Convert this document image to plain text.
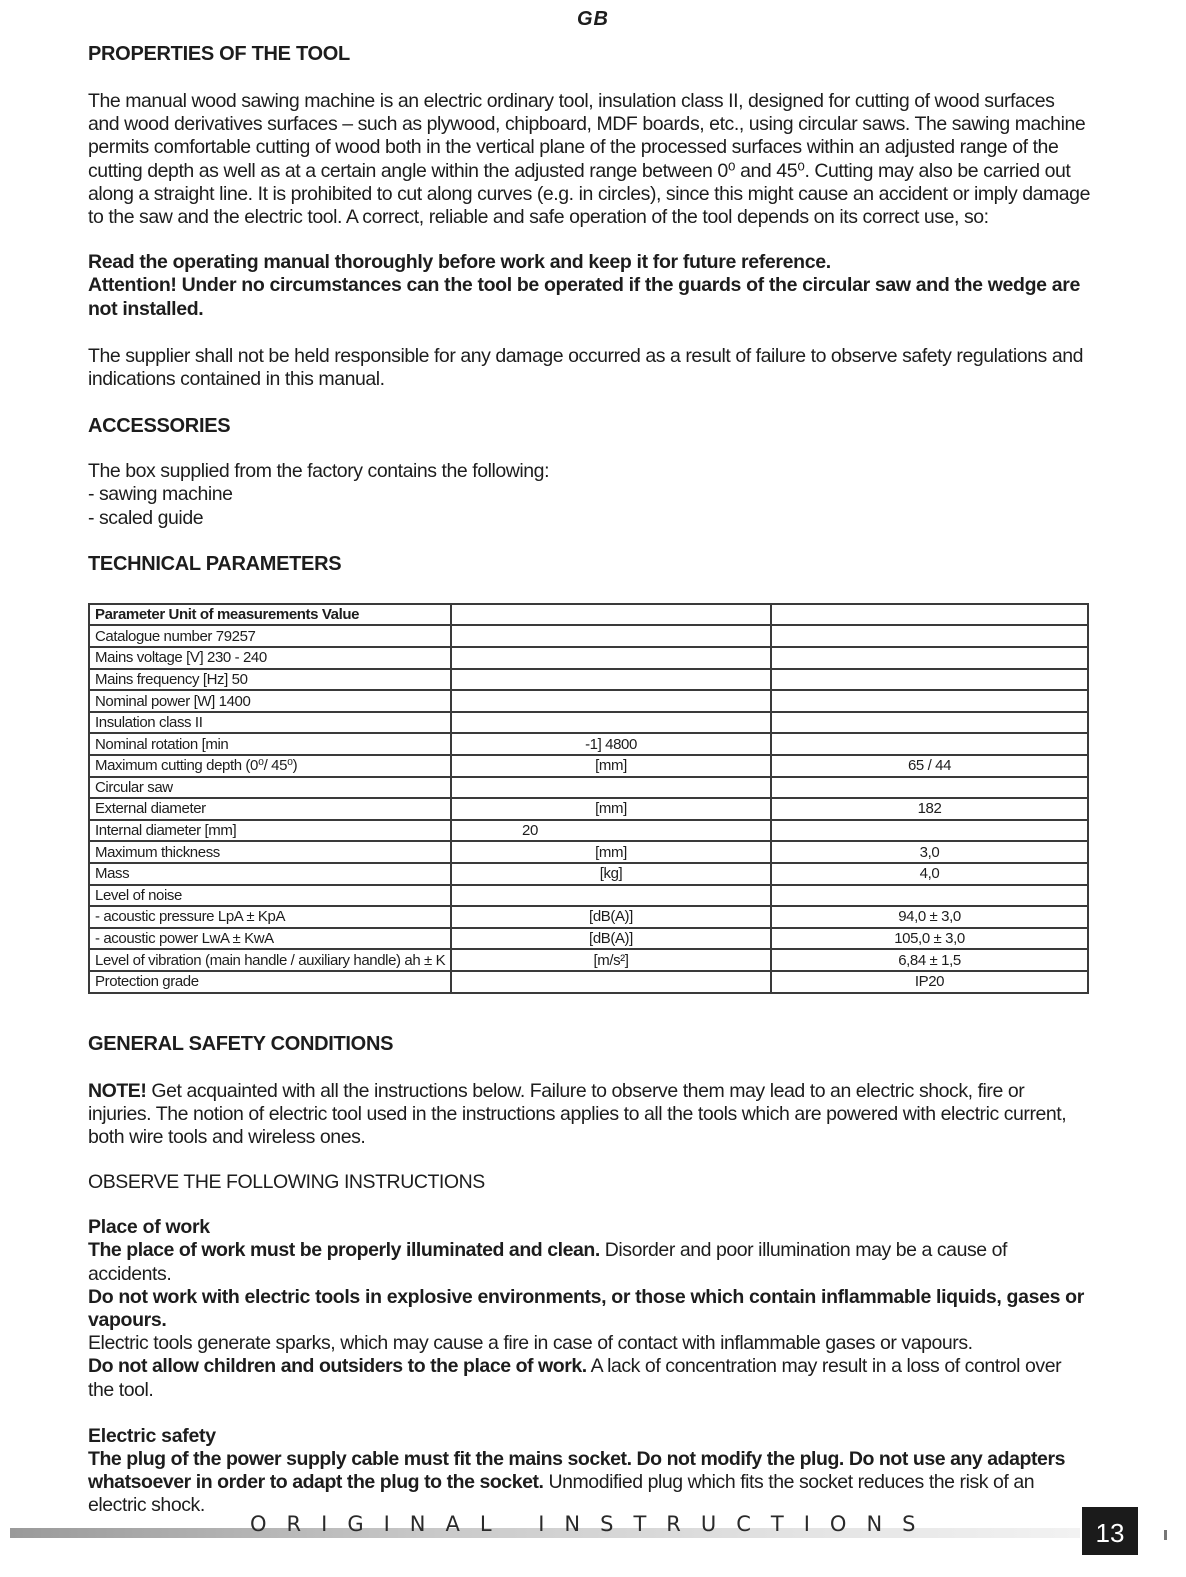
GB
PROPERTIES OF THE TOOL

The manual wood sawing machine is an electric ordinary tool, insulation class II, designed for cutting of wood surfaces and wood derivatives surfaces – such as plywood, chipboard, MDF boards, etc., using circular saws. The sawing machine permits comfortable cutting of wood both in the vertical plane of the processed surfaces within an adjusted range of the cutting depth as well as at a certain angle within the adjusted range between 0⁰ and 45⁰. Cutting may also be carried out along a straight line. It is prohibited to cut along curves (e.g. in circles), since this might cause an accident or imply damage to the saw and the electric tool. A correct, reliable and safe operation of the tool depends on its correct use, so:

Read the operating manual thoroughly before work and keep it for future reference.

Attention! Under no circumstances can the tool be operated if the guards of the circular saw and the wedge are not installed.

The supplier shall not be held responsible for any damage occurred as a result of failure to observe safety regulations and indications contained in this manual.

ACCESSORIES

The box supplied from the factory contains the following:

- sawing machine

- scaled guide

TECHNICAL PARAMETERS
Parameter Unit of measurements Value		
Catalogue number 79257		
Mains voltage [V] 230 - 240		
Mains frequency [Hz] 50		
Nominal power [W] 1400		
Insulation class II		
Nominal rotation [min	-1] 4800	
Maximum cutting depth (0⁰/ 45⁰)	[mm]	65 / 44
Circular saw		
External diameter	[mm]	182
Internal diameter [mm]	20	
Maximum thickness	[mm]	3,0
Mass	[kg]	4,0
Level of noise		
- acoustic pressure LpA ± KpA	[dB(A)]	94,0 ± 3,0
- acoustic power LwA ± KwA	[dB(A)]	105,0 ± 3,0
Level of vibration (main handle / auxiliary handle) ah ± K	[m/s²]	6,84 ± 1,5
Protection grade		IP20
GENERAL SAFETY CONDITIONS

NOTE! Get acquainted with all the instructions below. Failure to observe them may lead to an electric shock, fire or injuries. The notion of electric tool used in the instructions applies to all the tools which are powered with electric current, both wire tools and wireless ones.

OBSERVE THE FOLLOWING INSTRUCTIONS

Place of work

The place of work must be properly illuminated and clean. Disorder and poor illumination may be a cause of accidents.

Do not work with electric tools in explosive environments, or those which contain inflammable liquids, gases or vapours.

Electric tools generate sparks, which may cause a fire in case of contact with inflammable gases or vapours.

Do not allow children and outsiders to the place of work. A lack of concentration may result in a loss of control over the tool.

Electric safety

The plug of the power supply cable must fit the mains socket. Do not modify the plug. Do not use any adapters whatsoever in order to adapt the plug to the socket. Unmodified plug which fits the socket reduces the risk of an electric shock.

ORIGINAL INSTRUCTIONS	13
